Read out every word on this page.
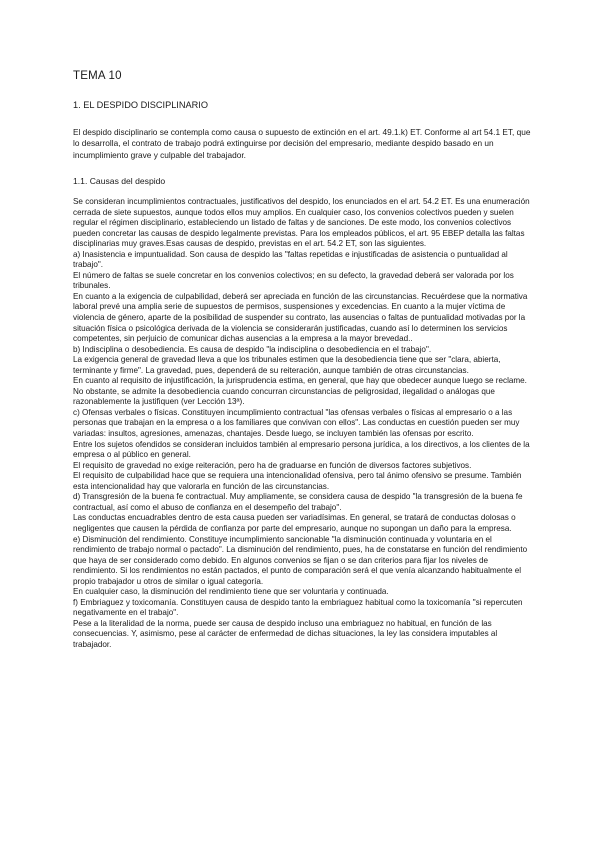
TEMA 10
1. EL DESPIDO DISCIPLINARIO
El despido disciplinario se contempla como causa o supuesto de extinción en el art. 49.1.k) ET. Conforme al art 54.1 ET, que lo desarrolla, el contrato de trabajo podrá extinguirse por decisión del empresario, mediante despido basado en un incumplimiento grave y culpable del trabajador.
1.1. Causas del despido

Se consideran incumplimientos contractuales, justificativos del despido, los enunciados en el art. 54.2 ET. Es una enumeración cerrada de siete supuestos, aunque todos ellos muy amplios. En cualquier caso, los convenios colectivos pueden y suelen regular el régimen disciplinario, estableciendo un listado de faltas y de sanciones. De este modo, los convenios colectivos pueden concretar las causas de despido legalmente previstas. Para los empleados públicos, el art. 95 EBEP detalla las faltas disciplinarias muy graves.Esas causas de despido, previstas en el art. 54.2 ET, son las siguientes.

a) Inasistencia e impuntualidad. Son causa de despido las "faltas repetidas e injustificadas de asistencia o puntualidad al trabajo".

El número de faltas se suele concretar en los convenios colectivos; en su defecto, la gravedad deberá ser valorada por los tribunales.

En cuanto a la exigencia de culpabilidad, deberá ser apreciada en función de las circunstancias. Recuérdese que la normativa laboral prevé una amplia serie de supuestos de permisos, suspensiones y excedencias. En cuanto a la mujer víctima de violencia de género, aparte de la posibilidad de suspender su contrato, las ausencias o faltas de puntualidad motivadas por la situación física o psicológica derivada de la violencia se considerarán justificadas, cuando así lo determinen los servicios competentes, sin perjuicio de comunicar dichas ausencias a la empresa a la mayor brevedad..

b) Indisciplina o desobediencia. Es causa de despido "la indisciplina o desobediencia en el trabajo".

La exigencia general de gravedad lleva a que los tribunales estimen que la desobediencia tiene que ser "clara, abierta, terminante y firme". La gravedad, pues, dependerá de su reiteración, aunque también de otras circunstancias.

En cuanto al requisito de injustificación, la jurisprudencia estima, en general, que hay que obedecer aunque luego se reclame. No obstante, se admite la desobediencia cuando concurran circunstancias de peligrosidad, ilegalidad o análogas que razonablemente la justifiquen (ver Lección 13ª).

c) Ofensas verbales o físicas. Constituyen incumplimiento contractual "las ofensas verbales o físicas al empresario o a las personas que trabajan en la empresa o a los familiares que convivan con ellos". Las conductas en cuestión pueden ser muy variadas: insultos, agresiones, amenazas, chantajes. Desde luego, se incluyen también las ofensas por escrito.

Entre los sujetos ofendidos se consideran incluidos también al empresario persona jurídica, a los directivos, a los clientes de la empresa o al público en general.

El requisito de gravedad no exige reiteración, pero ha de graduarse en función de diversos factores subjetivos.

El requisito de culpabilidad hace que se requiera una intencionalidad ofensiva, pero tal ánimo ofensivo se presume. También esta intencionalidad hay que valorarla en función de las circunstancias.

d) Transgresión de la buena fe contractual. Muy ampliamente, se considera causa de despido "la transgresión de la buena fe contractual, así como el abuso de confianza en el desempeño del trabajo".

Las conductas encuadrables dentro de esta causa pueden ser variadísimas. En general, se tratará de conductas dolosas o negligentes que causen la pérdida de confianza por parte del empresario, aunque no supongan un daño para la empresa.

e) Disminución del rendimiento. Constituye incumplimiento sancionable "la disminución continuada y voluntaria en el rendimiento de trabajo normal o pactado". La disminución del rendimiento, pues, ha de constatarse en función del rendimiento que haya de ser considerado como debido. En algunos convenios se fijan o se dan criterios para fijar los niveles de rendimiento. Si los rendimientos no están pactados, el punto de comparación será el que venía alcanzando habitualmente el propio trabajador u otros de similar o igual categoría.

En cualquier caso, la disminución del rendimiento tiene que ser voluntaria y continuada.

f) Embriaguez y toxicomanía. Constituyen causa de despido tanto la embriaguez habitual como la toxicomanía "si repercuten negativamente en el trabajo".

Pese a la literalidad de la norma, puede ser causa de despido incluso una embriaguez no habitual, en función de las consecuencias. Y, asimismo, pese al carácter de enfermedad de dichas situaciones, la ley las considera imputables al trabajador.
